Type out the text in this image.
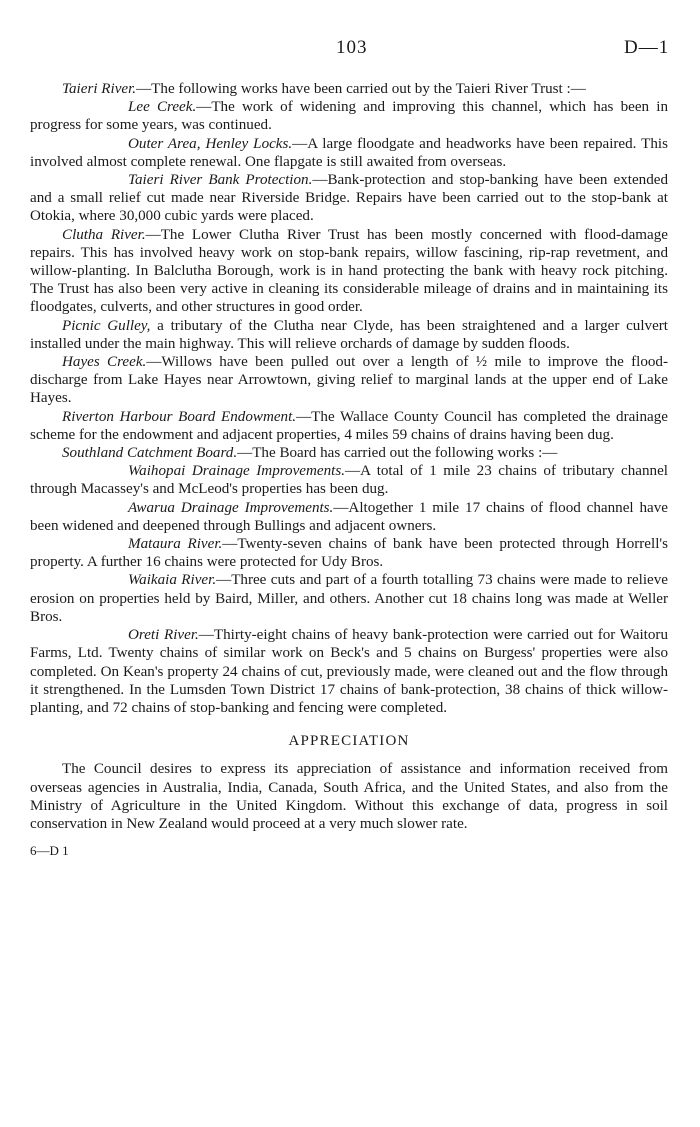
103	D—1

Taieri River.—The following works have been carried out by the Taieri River Trust :—

Lee Creek.—The work of widening and improving this channel, which has been in progress for some years, was continued.

Outer Area, Henley Locks.—A large floodgate and headworks have been repaired. This involved almost complete renewal. One flapgate is still awaited from overseas.

Taieri River Bank Protection.—Bank-protection and stop-banking have been extended and a small relief cut made near Riverside Bridge. Repairs have been carried out to the stop-bank at Otokia, where 30,000 cubic yards were placed.

Clutha River.—The Lower Clutha River Trust has been mostly concerned with flood-damage repairs. This has involved heavy work on stop-bank repairs, willow fascining, rip-rap revetment, and willow-planting. In Balclutha Borough, work is in hand protecting the bank with heavy rock pitching. The Trust has also been very active in cleaning its considerable mileage of drains and in maintaining its floodgates, culverts, and other structures in good order.

Picnic Gulley, a tributary of the Clutha near Clyde, has been straightened and a larger culvert installed under the main highway. This will relieve orchards of damage by sudden floods.

Hayes Creek.—Willows have been pulled out over a length of ½ mile to improve the flood-discharge from Lake Hayes near Arrowtown, giving relief to marginal lands at the upper end of Lake Hayes.

Riverton Harbour Board Endowment.—The Wallace County Council has completed the drainage scheme for the endowment and adjacent properties, 4 miles 59 chains of drains having been dug.

Southland Catchment Board.—The Board has carried out the following works :—

Waihopai Drainage Improvements.—A total of 1 mile 23 chains of tributary channel through Macassey's and McLeod's properties has been dug.

Awarua Drainage Improvements.—Altogether 1 mile 17 chains of flood channel have been widened and deepened through Bullings and adjacent owners.

Mataura River.—Twenty-seven chains of bank have been protected through Horrell's property. A further 16 chains were protected for Udy Bros.

Waikaia River.—Three cuts and part of a fourth totalling 73 chains were made to relieve erosion on properties held by Baird, Miller, and others. Another cut 18 chains long was made at Weller Bros.

Oreti River.—Thirty-eight chains of heavy bank-protection were carried out for Waitoru Farms, Ltd. Twenty chains of similar work on Beck's and 5 chains on Burgess' properties were also completed. On Kean's property 24 chains of cut, previously made, were cleaned out and the flow through it strengthened. In the Lumsden Town District 17 chains of bank-protection, 38 chains of thick willow-planting, and 72 chains of stop-banking and fencing were completed.

APPRECIATION

The Council desires to express its appreciation of assistance and information received from overseas agencies in Australia, India, Canada, South Africa, and the United States, and also from the Ministry of Agriculture in the United Kingdom. Without this exchange of data, progress in soil conservation in New Zealand would proceed at a very much slower rate.

6—D 1
